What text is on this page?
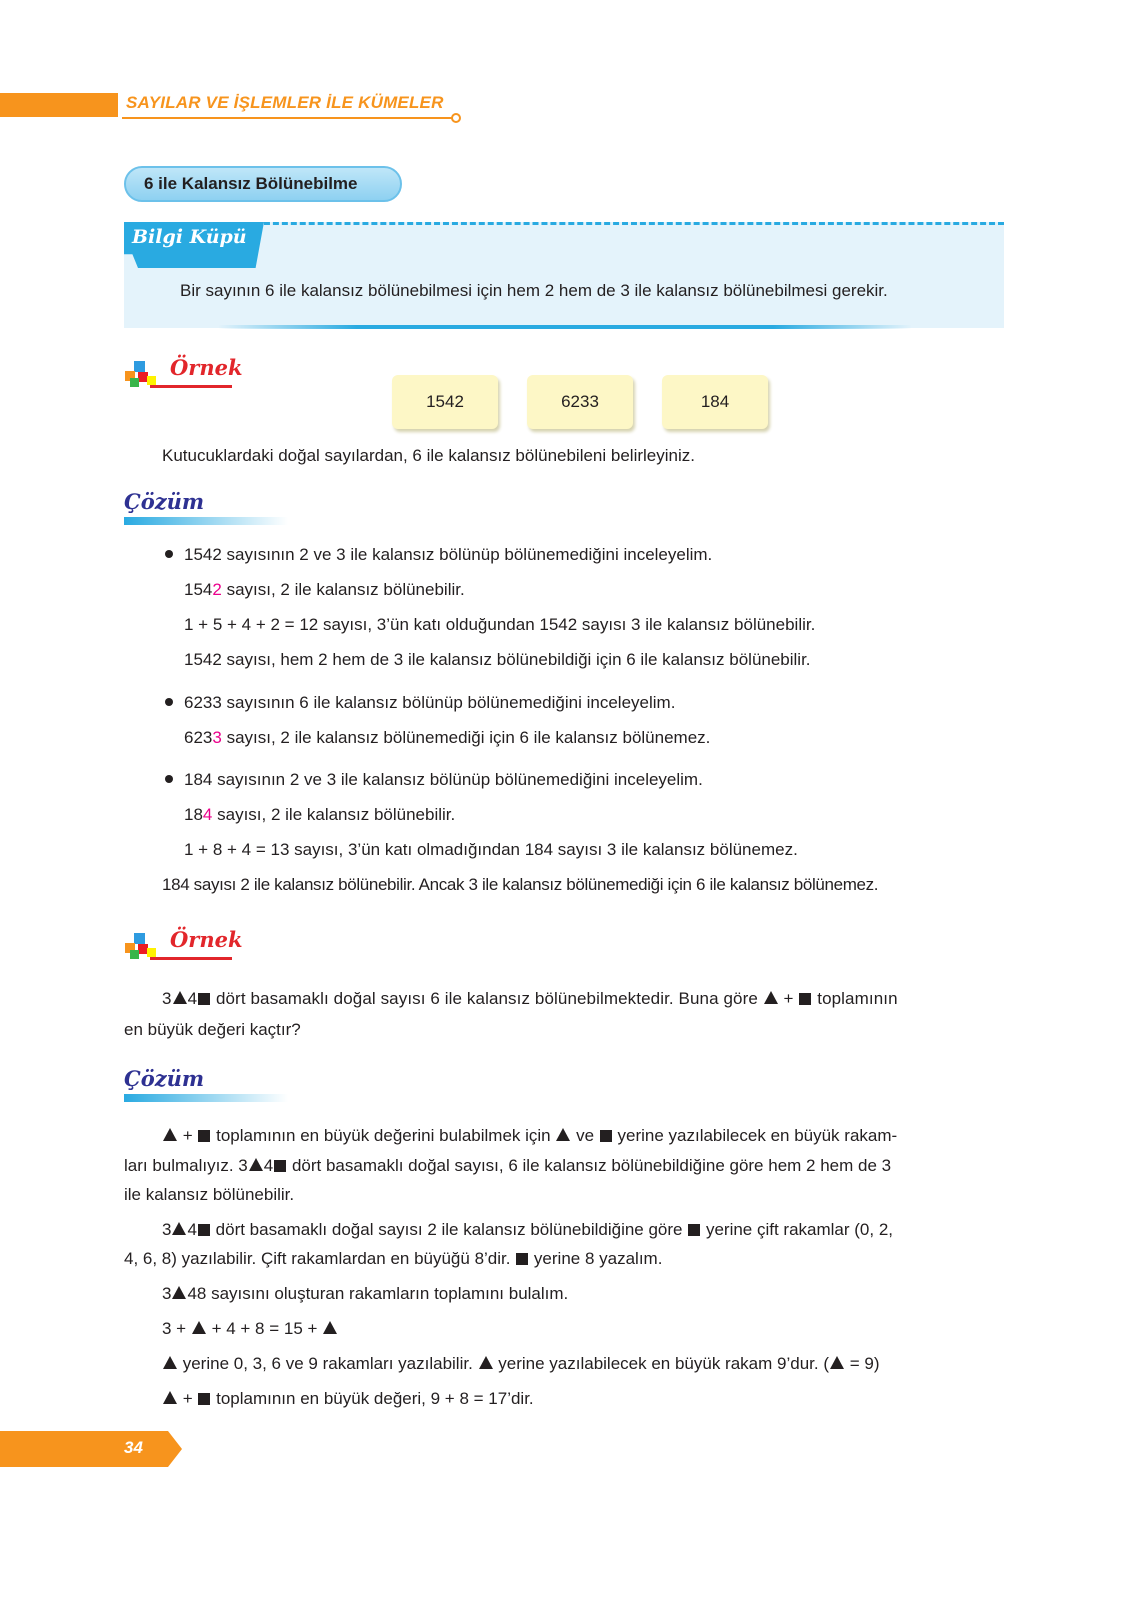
SAYILAR VE İŞLEMLER İLE KÜMELER
6 ile Kalansız Bölünebilme
Bilgi Küpü
Bir sayının 6 ile kalansız bölünebilmesi için hem 2 hem de 3 ile kalansız bölünebilmesi gerekir.
Örnek
1542	6233	184
Kutucuklardaki doğal sayılardan, 6 ile kalansız bölünebileni belirleyiniz.
Çözüm
1542 sayısının 2 ve 3 ile kalansız bölünüp bölünemediğini inceleyelim.
1542 sayısı, 2 ile kalansız bölünebilir.
1 + 5 + 4 + 2 = 12 sayısı, 3’ün katı olduğundan 1542 sayısı 3 ile kalansız bölünebilir.
1542 sayısı, hem 2 hem de 3 ile kalansız bölünebildiği için 6 ile kalansız bölünebilir.
6233 sayısının 6 ile kalansız bölünüp bölünemediğini inceleyelim.
6233 sayısı, 2 ile kalansız bölünemediği için 6 ile kalansız bölünemez.
184 sayısının 2 ve 3 ile kalansız bölünüp bölünemediğini inceleyelim.
184 sayısı, 2 ile kalansız bölünebilir.
1 + 8 + 4 = 13 sayısı, 3’ün katı olmadığından 184 sayısı 3 ile kalansız bölünemez.
184 sayısı 2 ile kalansız bölünebilir. Ancak 3 ile kalansız bölünemediği için 6 ile kalansız bölünemez.
Örnek
3 4 dört basamaklı doğal sayısı 6 ile kalansız bölünebilmektedir. Buna göre  +  toplamının
en büyük değeri kaçtır?
Çözüm
+  toplamının en büyük değerini bulabilmek için  ve  yerine yazılabilecek en büyük rakam-
ları bulmalıyız. 3 4 dört basamaklı doğal sayısı, 6 ile kalansız bölünebildiğine göre hem 2 hem de 3
ile kalansız bölünebilir.
3 4 dört basamaklı doğal sayısı 2 ile kalansız bölünebildiğine göre  yerine çift rakamlar (0, 2,
4, 6, 8) yazılabilir. Çift rakamlardan en büyüğü 8’dir.  yerine 8 yazalım.
3 48 sayısını oluşturan rakamların toplamını bulalım.
3 +  + 4 + 8 = 15 +
yerine 0, 3, 6 ve 9 rakamları yazılabilir.  yerine yazılabilecek en büyük rakam 9’dur. ( = 9)
+  toplamının en büyük değeri, 9 + 8 = 17’dir.
34
